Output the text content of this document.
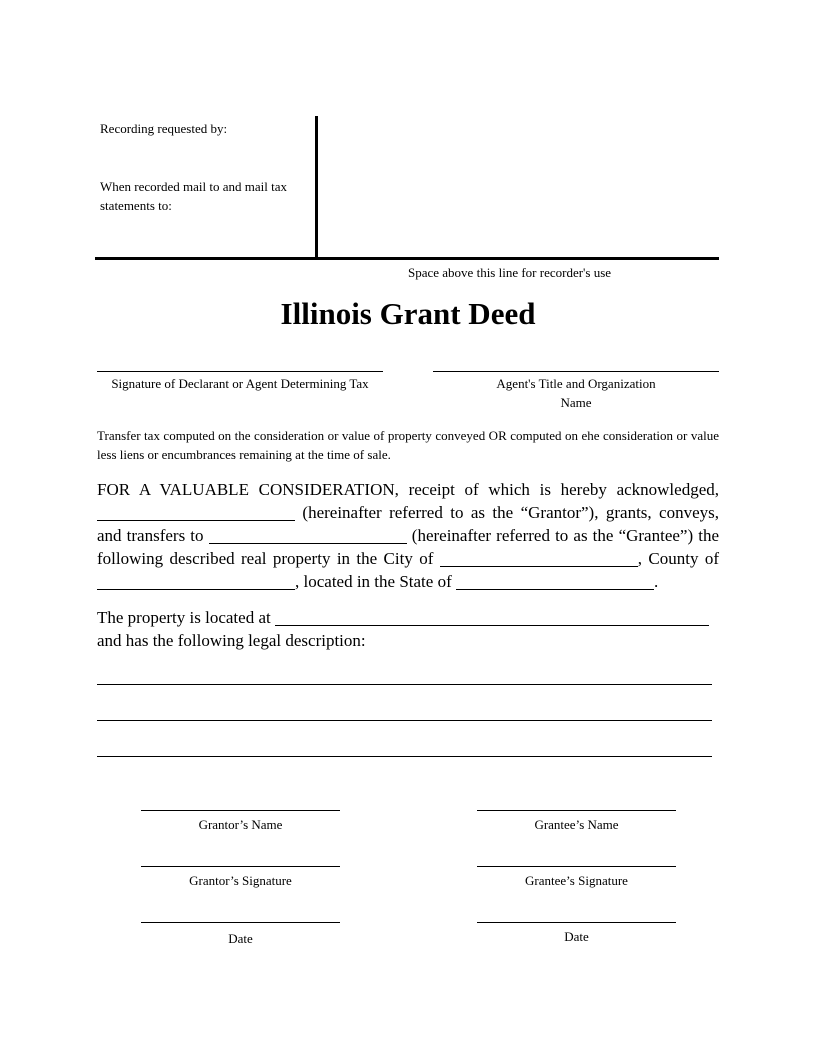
Recording requested by:
When recorded mail to and mail tax statements to:
Space above this line for recorder's use
Illinois Grant Deed
Signature of Declarant or Agent Determining Tax	Agent's Title and Organization Name
Transfer tax computed on the consideration or value of property conveyed OR computed on ehe consideration or value less liens or encumbrances remaining at the time of sale.
FOR A VALUABLE CONSIDERATION, receipt of which is hereby acknowledged,  (hereinafter referred to as the “Grantor”), grants, conveys, and transfers to	(hereinafter referred to as the “Grantee”) the following described real property in the City of	, County of , located in the State of	.
The property is located at
and has the following legal description:
Grantor’s Name	Grantee’s Name
Grantor’s Signature	Grantee’s Signature
Date	Date
